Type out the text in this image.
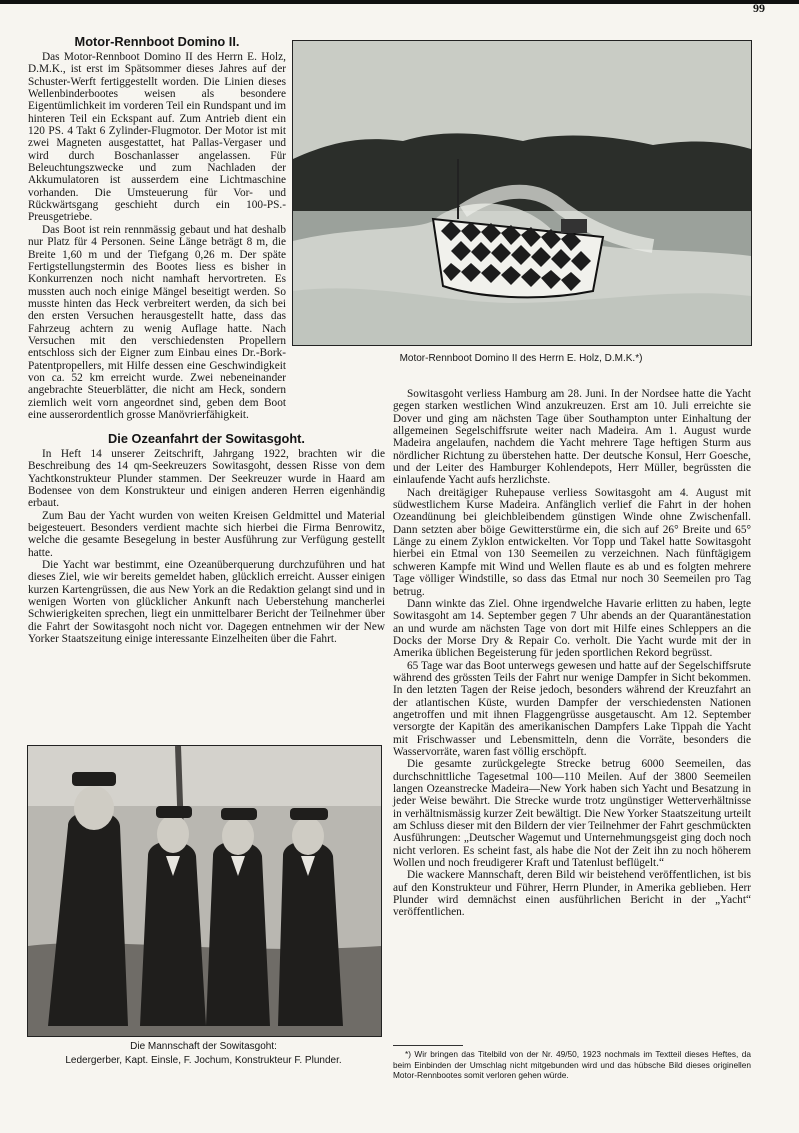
99
Motor-Rennboot Domino II.

Das Motor-Rennboot Domino II des Herrn E. Holz, D.M.K., ist erst im Spätsommer dieses Jahres auf der Schuster-Werft fertiggestellt worden. Die Linien dieses Wellenbinderbootes weisen als besondere Eigentümlichkeit im vorderen Teil ein Rundspant und im hinteren Teil ein Eckspant auf. Zum Antrieb dient ein 120 PS. 4 Takt 6 Zylinder-Flugmotor. Der Motor ist mit zwei Magneten ausgestattet, hat Pallas-Vergaser und wird durch Boschanlasser angelassen. Für Beleuchtungszwecke und zum Nachladen der Akkumulatoren ist ausserdem eine Lichtmaschine vorhanden. Die Umsteuerung für Vor- und Rückwärtsgang geschieht durch ein 100-PS.-Preusgetriebe.

Das Boot ist rein rennmässig gebaut und hat deshalb nur Platz für 4 Personen. Seine Länge beträgt 8 m, die Breite 1,60 m und der Tiefgang 0,26 m. Der späte Fertigstellungstermin des Bootes liess es bisher in Konkurrenzen noch nicht namhaft hervortreten. Es mussten auch noch einige Mängel beseitigt werden. So musste hinten das Heck verbreitert werden, da sich bei den ersten Versuchen herausgestellt hatte, dass das Fahrzeug achtern zu wenig Auflage hatte. Nach Versuchen mit den verschiedensten Propellern entschloss sich der Eigner zum Einbau eines Dr.-Bork-Patentpropellers, mit Hilfe dessen eine Geschwindigkeit von ca. 52 km erreicht wurde. Zwei nebeneinander angebrachte Steuerblätter, die nicht am Heck, sondern ziemlich weit vorn angeordnet sind, geben dem Boot eine ausserordentlich grosse Manövrierfähigkeit.

Motor-Rennboot Domino II des Herrn E. Holz, D.M.K.*)
Die Ozeanfahrt der Sowitasgoht.

In Heft 14 unserer Zeitschrift, Jahrgang 1922, brachten wir die Beschreibung des 14 qm-Seekreuzers Sowitasgoht, dessen Risse von dem Yachtkonstrukteur Plunder stammen. Der Seekreuzer wurde in Haard am Bodensee von dem Konstrukteur und einigen anderen Herren eigenhändig erbaut.

Zum Bau der Yacht wurden von weiten Kreisen Geldmittel und Material beigesteuert. Besonders verdient machte sich hierbei die Firma Benrowitz, welche die gesamte Besegelung in bester Ausführung zur Verfügung gestellt hatte.

Die Yacht war bestimmt, eine Ozeanüberquerung durchzuführen und hat dieses Ziel, wie wir bereits gemeldet haben, glücklich erreicht. Ausser einigen kurzen Kartengrüssen, die aus New York an die Redaktion gelangt sind und in wenigen Worten von glücklicher Ankunft nach Ueberstehung mancherlei Schwierigkeiten sprechen, liegt ein unmittelbarer Bericht der Teilnehmer über die Fahrt der Sowitasgoht noch nicht vor. Dagegen entnehmen wir der New Yorker Staatszeitung einige interessante Einzelheiten über die Fahrt.

Sowitasgoht verliess Hamburg am 28. Juni. In der Nordsee hatte die Yacht gegen starken westlichen Wind anzukreuzen. Erst am 10. Juli erreichte sie Dover und ging am nächsten Tage über Southampton unter Einhaltung der allgemeinen Segelschiffsrute weiter nach Madeira. Am 1. August wurde Madeira angelaufen, nachdem die Yacht mehrere Tage heftigen Sturm aus nördlicher Richtung zu überstehen hatte. Der deutsche Konsul, Herr Goesche, und der Leiter des Hamburger Kohlendepots, Herr Müller, begrüssten die einlaufende Yacht aufs herzlichste.

Nach dreitägiger Ruhepause verliess Sowitasgoht am 4. August mit südwestlichem Kurse Madeira. Anfänglich verlief die Fahrt in der hohen Ozeandünung bei gleichbleibendem günstigen Winde ohne Zwischenfall. Dann setzten aber böige Gewitterstürme ein, die sich auf 26° Breite und 65° Länge zu einem Zyklon entwickelten. Vor Topp und Takel hatte Sowitasgoht hierbei ein Etmal von 130 Seemeilen zu verzeichnen. Nach fünftägigem schweren Kampfe mit Wind und Wellen flaute es ab und es folgten mehrere Tage völliger Windstille, so dass das Etmal nur noch 30 Seemeilen pro Tag betrug.

Dann winkte das Ziel. Ohne irgendwelche Havarie erlitten zu haben, legte Sowitasgoht am 14. September gegen 7 Uhr abends an der Quarantänestation an und wurde am nächsten Tage von dort mit Hilfe eines Schleppers an die Docks der Morse Dry & Repair Co. verholt. Die Yacht wurde mit der in Amerika üblichen Begeisterung für jeden sportlichen Rekord begrüsst.

65 Tage war das Boot unterwegs gewesen und hatte auf der Segelschiffsrute während des grössten Teils der Fahrt nur wenige Dampfer in Sicht bekommen. In den letzten Tagen der Reise jedoch, besonders während der Kreuzfahrt an der atlantischen Küste, wurden Dampfer der verschiedensten Nationen angetroffen und mit ihnen Flaggengrüsse ausgetauscht. Am 12. September versorgte der Kapitän des amerikanischen Dampfers Lake Tippah die Yacht mit Frischwasser und Lebensmitteln, denn die Vorräte, besonders die Wasservorräte, waren fast völlig erschöpft.

Die gesamte zurückgelegte Strecke betrug 6000 Seemeilen, das durchschnittliche Tagesetmal 100—110 Meilen. Auf der 3800 Seemeilen langen Ozeanstrecke Madeira—New York haben sich Yacht und Besatzung in jeder Weise bewährt. Die Strecke wurde trotz ungünstiger Wetterverhältnisse in verhältnismässig kurzer Zeit bewältigt. Die New Yorker Staatszeitung urteilt am Schluss dieser mit den Bildern der vier Teilnehmer der Fahrt geschmückten Ausführungen: „Deutscher Wagemut und Unternehmungsgeist ging doch noch nicht verloren. Es scheint fast, als habe die Not der Zeit ihn zu noch höherem Wollen und noch freudigerer Kraft und Tatenlust beflügelt.“

Die wackere Mannschaft, deren Bild wir beistehend veröffentlichen, ist bis auf den Konstrukteur und Führer, Herrn Plunder, in Amerika geblieben. Herr Plunder wird demnächst einen ausführlichen Bericht in der „Yacht“ veröffentlichen.

Die Mannschaft der Sowitasgoht:
Ledergerber, Kapt. Einsle, F. Jochum, Konstrukteur F. Plunder.

*) Wir bringen das Titelbild von der Nr. 49/50, 1923 nochmals im Textteil dieses Heftes, da beim Einbinden der Umschlag nicht mitgebunden wird und das hübsche Bild dieses originellen Motor-Rennbootes somit verloren gehen würde.
